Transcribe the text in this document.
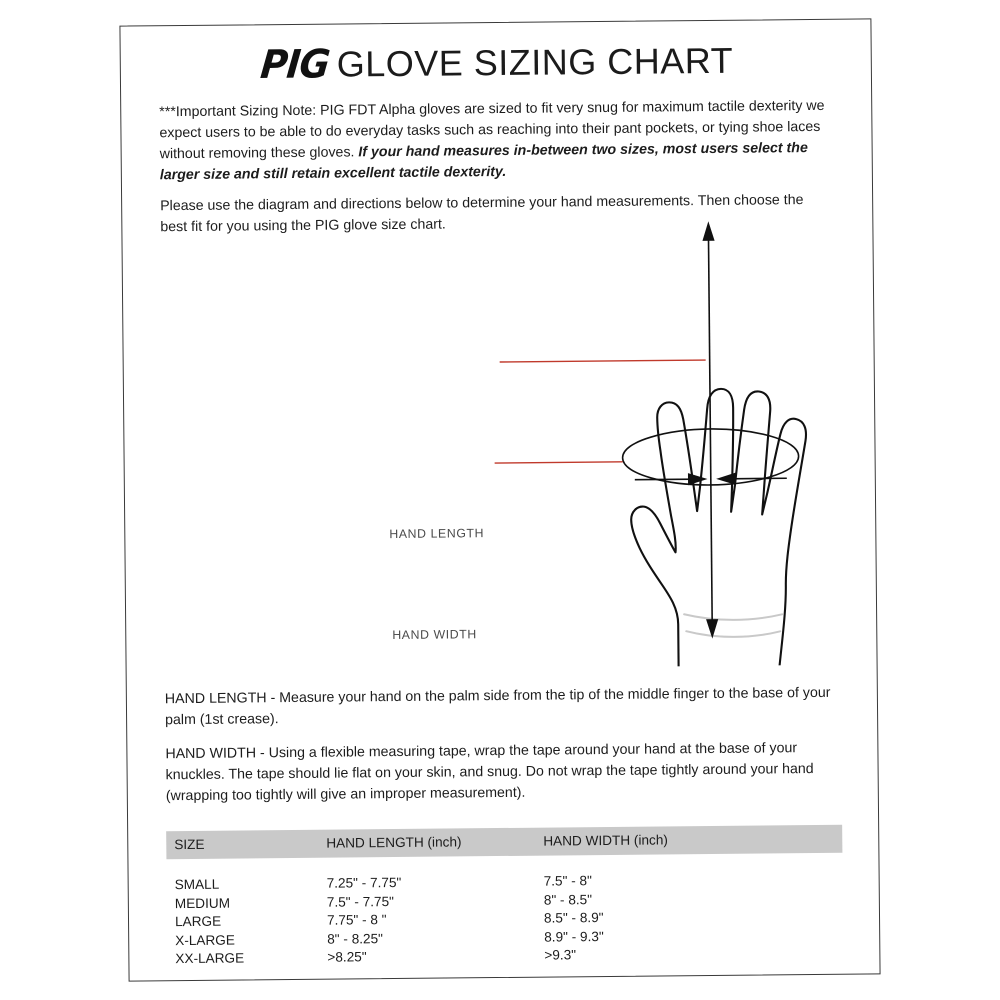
PIG GLOVE SIZING CHART
***Important Sizing Note: PIG FDT Alpha gloves are sized to fit very snug for maximum tactile dexterity we expect users to be able to do everyday tasks such as reaching into their pant pockets, or tying shoe laces without removing these gloves. If your hand measures in-between two sizes, most users select the larger size and still retain excellent tactile dexterity.
Please use the diagram and directions below to determine your hand measurements. Then choose the best fit for you using the PIG glove size chart.
HAND LENGTH
HAND WIDTH
HAND LENGTH - Measure your hand on the palm side from the tip of the middle finger to the base of your palm (1st crease).
HAND WIDTH - Using a flexible measuring tape, wrap the tape around your hand at the base of your knuckles. The tape should lie flat on your skin, and snug. Do not wrap the tape tightly around your hand (wrapping too tightly will give an improper measurement).
SIZE	HAND LENGTH (inch)	HAND WIDTH (inch)
SMALL	7.25" - 7.75"	7.5" - 8"
MEDIUM	7.5" - 7.75"	8" - 8.5"
LARGE	7.75" - 8 "	8.5" - 8.9"
X-LARGE	8" - 8.25"	8.9" - 9.3"
XX-LARGE	>8.25"	>9.3"
